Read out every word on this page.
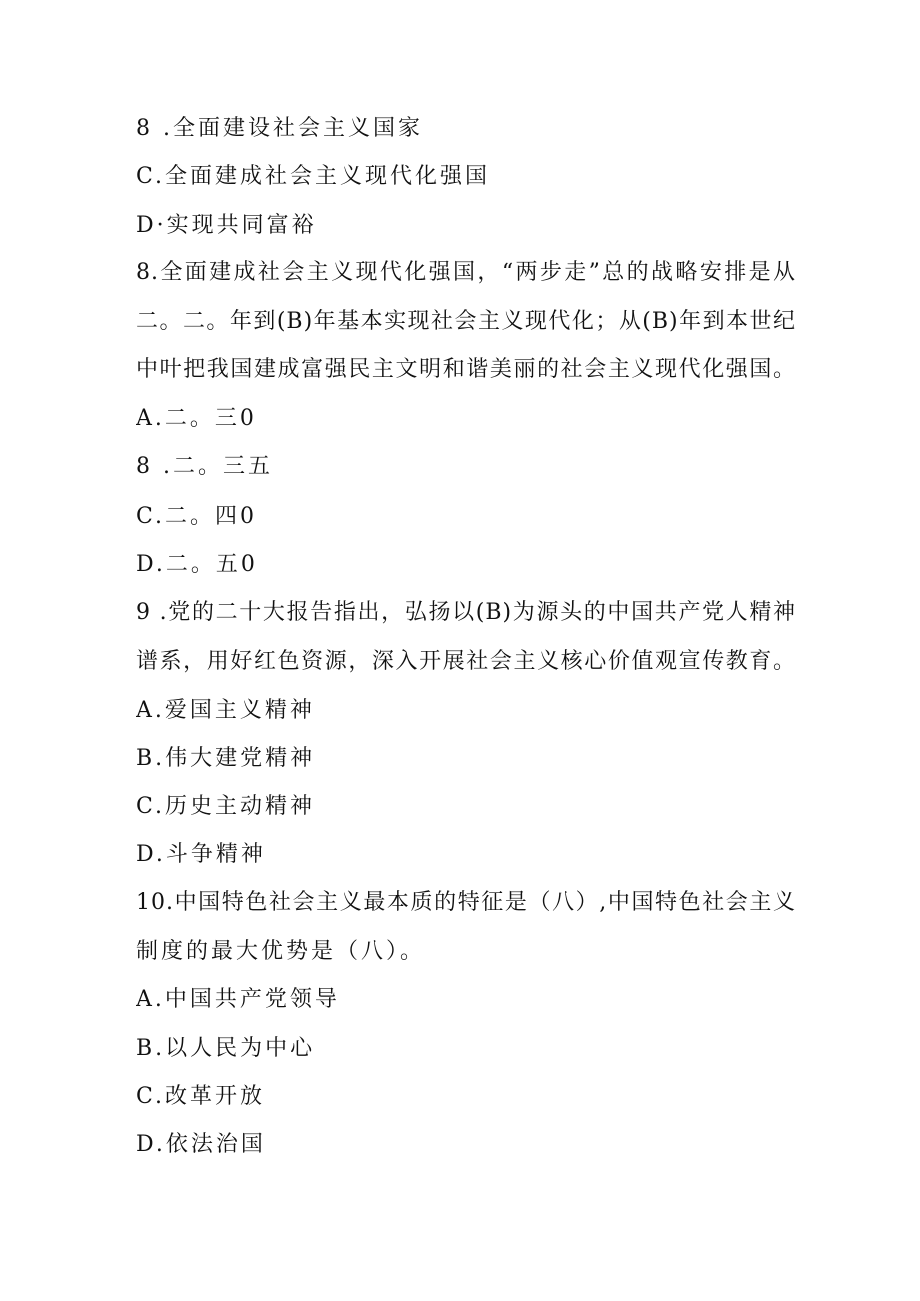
8 .全面建设社会主义国家
C.全面建成社会主义现代化强国
D·实现共同富裕
8.全面建成社会主义现代化强国，“两步走”总的战略安排是从
二。二。年到(B)年基本实现社会主义现代化；从(B)年到本世纪
中叶把我国建成富强民主文明和谐美丽的社会主义现代化强国。
A.二。三0
8 .二。三五
C.二。四0
D.二。五0
9 .党的二十大报告指出，弘扬以(B)为源头的中国共产党人精神
谱系，用好红色资源，深入开展社会主义核心价值观宣传教育。
A.爱国主义精神
B.伟大建党精神
C.历史主动精神
D.斗争精神
10.中国特色社会主义最本质的特征是（八）,中国特色社会主义
制度的最大优势是（八）。
A.中国共产党领导
B.以人民为中心
C.改革开放
D.依法治国
